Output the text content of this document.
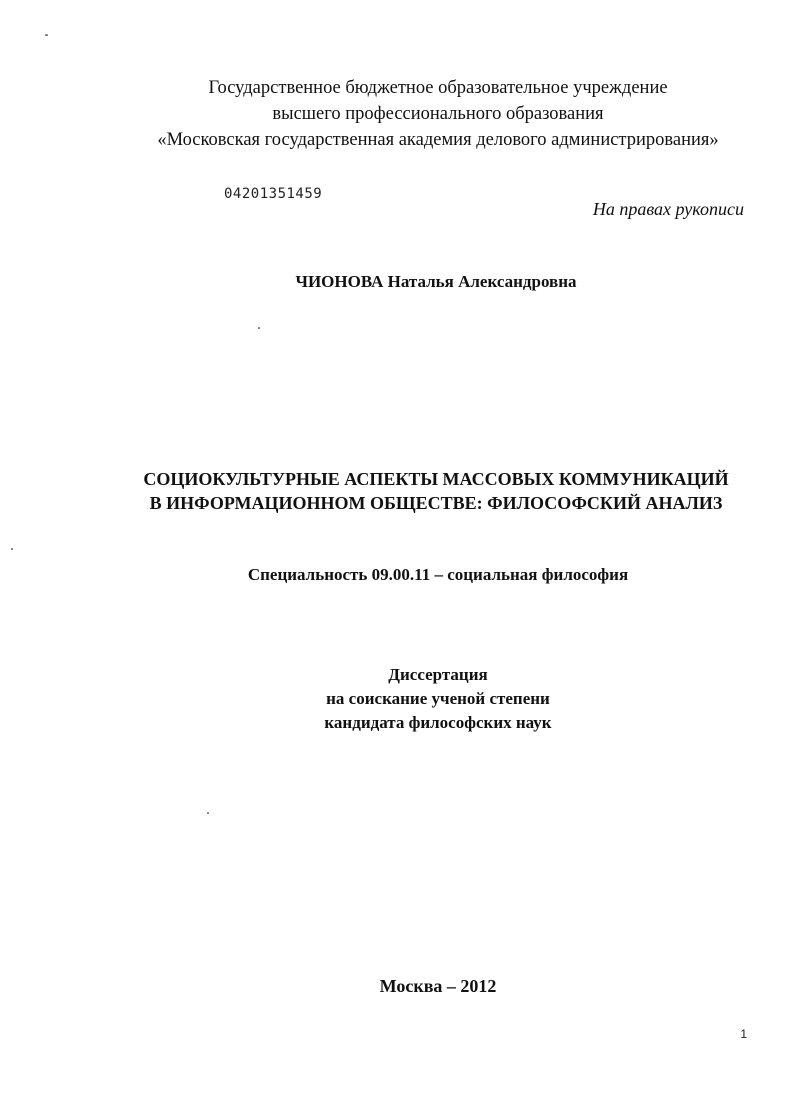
Государственное бюджетное образовательное учреждение
высшего профессионального образования
«Московская государственная академия делового администрирования»
04201351459
На правах рукописи
ЧИОНОВА Наталья Александровна
СОЦИОКУЛЬТУРНЫЕ АСПЕКТЫ МАССОВЫХ КОММУНИКАЦИЙ
В ИНФОРМАЦИОННОМ ОБЩЕСТВЕ: ФИЛОСОФСКИЙ АНАЛИЗ
Специальность 09.00.11 – социальная философия
Диссертация
на соискание ученой степени
кандидата философских наук
Москва – 2012
1
